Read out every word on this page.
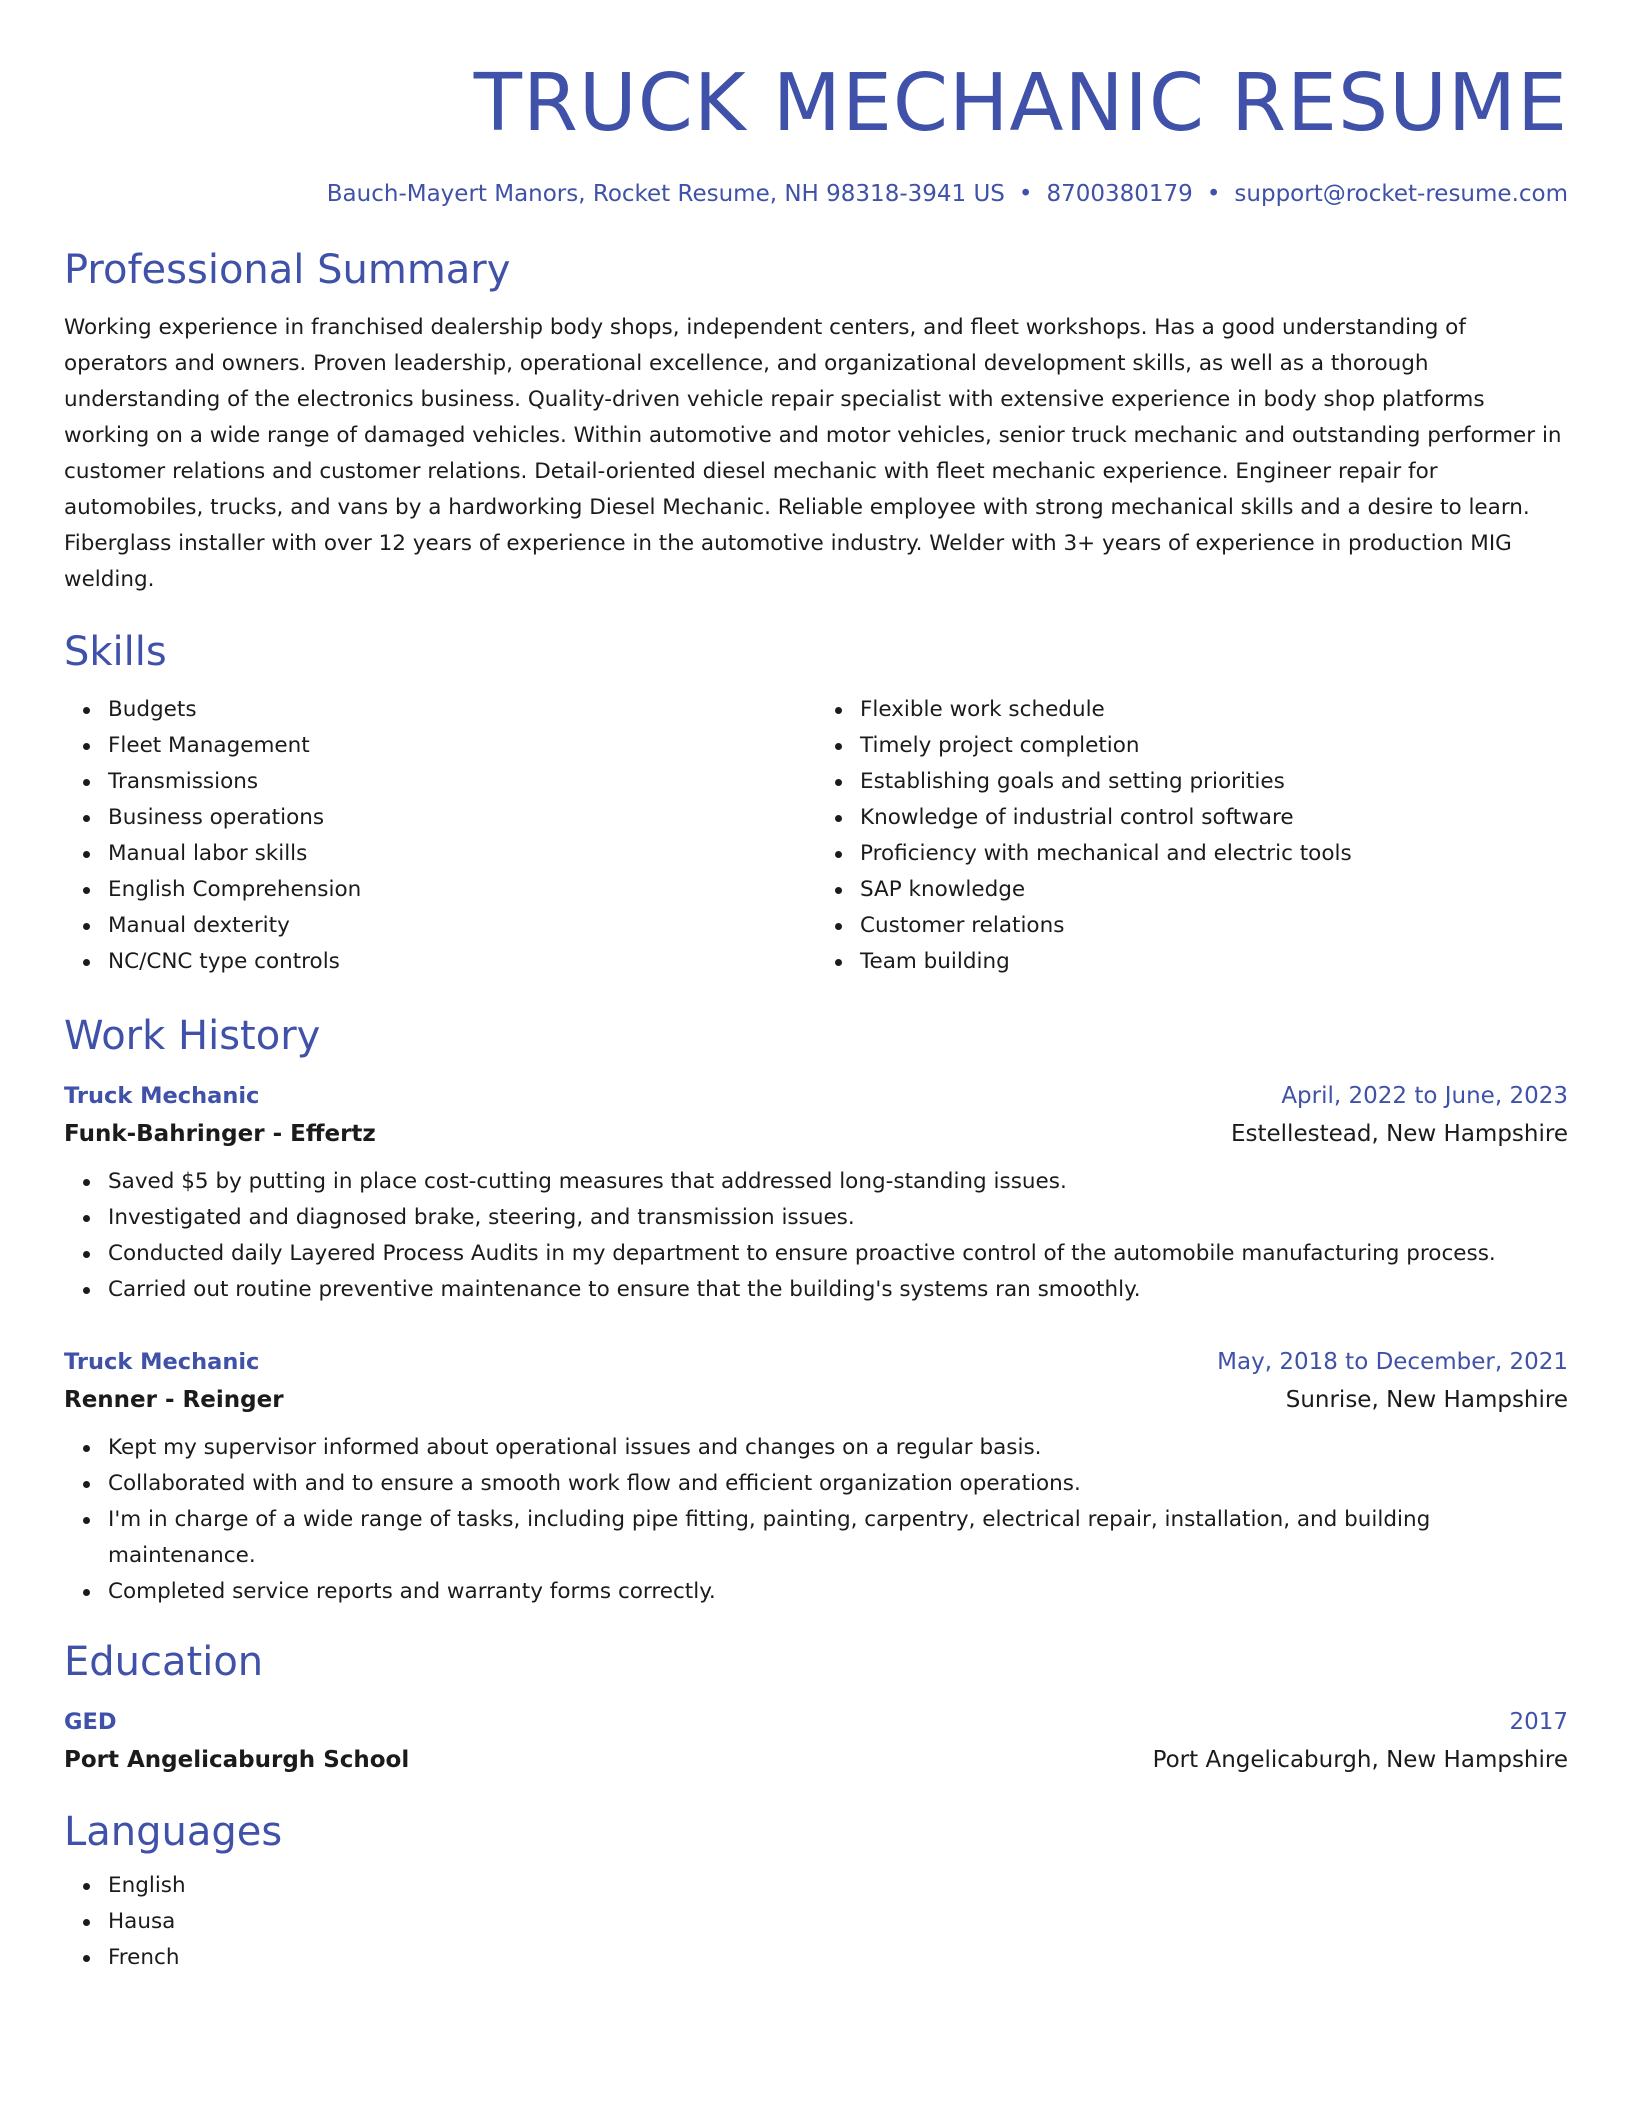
TRUCK MECHANIC RESUME
Bauch-Mayert Manors, Rocket Resume, NH 98318-3941 US • 8700380179 • support@rocket-resume.com
Professional Summary

Working experience in franchised dealership body shops, independent centers, and fleet workshops. Has a good understanding of operators and owners. Proven leadership, operational excellence, and organizational development skills, as well as a thorough understanding of the electronics business. Quality-driven vehicle repair specialist with extensive experience in body shop platforms working on a wide range of damaged vehicles. Within automotive and motor vehicles, senior truck mechanic and outstanding performer in customer relations and customer relations. Detail-oriented diesel mechanic with fleet mechanic experience. Engineer repair for automobiles, trucks, and vans by a hardworking Diesel Mechanic. Reliable employee with strong mechanical skills and a desire to learn. Fiberglass installer with over 12 years of experience in the automotive industry. Welder with 3+ years of experience in production MIG welding.

Skills
Budgets
Fleet Management
Transmissions
Business operations
Manual labor skills
English Comprehension
Manual dexterity
NC/CNC type controls
Flexible work schedule
Timely project completion
Establishing goals and setting priorities
Knowledge of industrial control software
Proficiency with mechanical and electric tools
SAP knowledge
Customer relations
Team building
Work History
Truck Mechanic	April, 2022 to June, 2023
Funk-Bahringer - Effertz	Estellestead, New Hampshire
Saved $5 by putting in place cost-cutting measures that addressed long-standing issues.
Investigated and diagnosed brake, steering, and transmission issues.
Conducted daily Layered Process Audits in my department to ensure proactive control of the automobile manufacturing process.
Carried out routine preventive maintenance to ensure that the building's systems ran smoothly.
Truck Mechanic	May, 2018 to December, 2021
Renner - Reinger	Sunrise, New Hampshire
Kept my supervisor informed about operational issues and changes on a regular basis.
Collaborated with and to ensure a smooth work flow and efficient organization operations.
I'm in charge of a wide range of tasks, including pipe fitting, painting, carpentry, electrical repair, installation, and building maintenance.
Completed service reports and warranty forms correctly.
Education
GED	2017
Port Angelicaburgh School	Port Angelicaburgh, New Hampshire
Languages
English
Hausa
French
